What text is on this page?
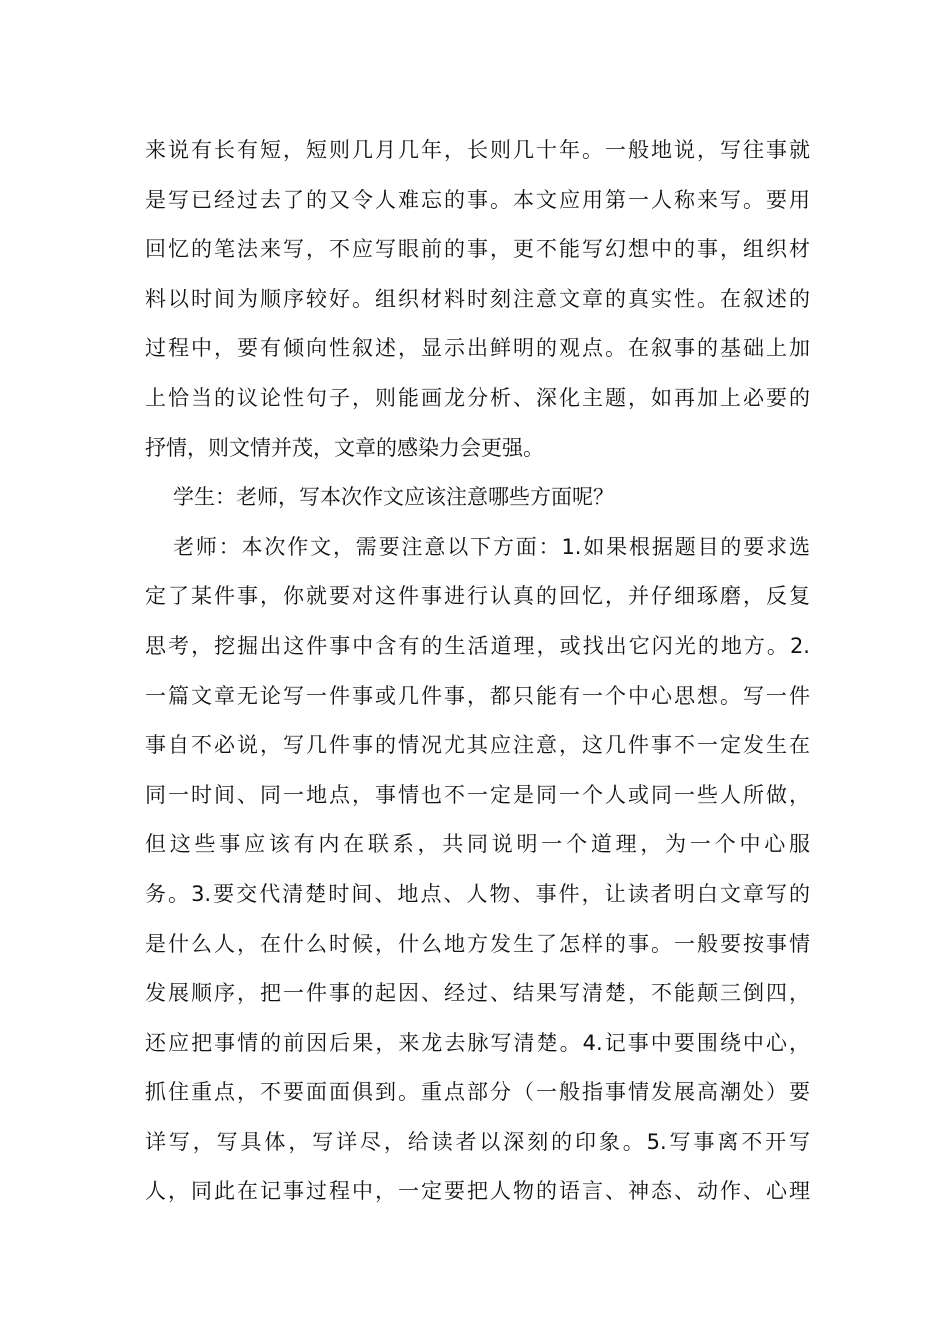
来说有长有短，短则几月几年，长则几十年。一般地说，写往事就
是写已经过去了的又令人难忘的事。本文应用第一人称来写。要用
回忆的笔法来写，不应写眼前的事，更不能写幻想中的事，组织材
料以时间为顺序较好。组织材料时刻注意文章的真实性。在叙述的
过程中，要有倾向性叙述，显示出鲜明的观点。在叙事的基础上加
上恰当的议论性句子，则能画龙分析、深化主题，如再加上必要的
抒情，则文情并茂，文章的感染力会更强。
学生：老师，写本次作文应该注意哪些方面呢？
老师：本次作文，需要注意以下方面：1.如果根据题目的要求选
定了某件事，你就要对这件事进行认真的回忆，并仔细琢磨，反复
思考，挖掘出这件事中含有的生活道理，或找出它闪光的地方。2.
一篇文章无论写一件事或几件事，都只能有一个中心思想。写一件
事自不必说，写几件事的情况尤其应注意，这几件事不一定发生在
同一时间、同一地点，事情也不一定是同一个人或同一些人所做，
但这些事应该有内在联系，共同说明一个道理，为一个中心服
务。3.要交代清楚时间、地点、人物、事件，让读者明白文章写的
是什么人，在什么时候，什么地方发生了怎样的事。一般要按事情
发展顺序，把一件事的起因、经过、结果写清楚，不能颠三倒四，
还应把事情的前因后果，来龙去脉写清楚。4.记事中要围绕中心，
抓住重点，不要面面俱到。重点部分（一般指事情发展高潮处）要
详写，写具体，写详尽，给读者以深刻的印象。5.写事离不开写
人，同此在记事过程中，一定要把人物的语言、神态、动作、心理
